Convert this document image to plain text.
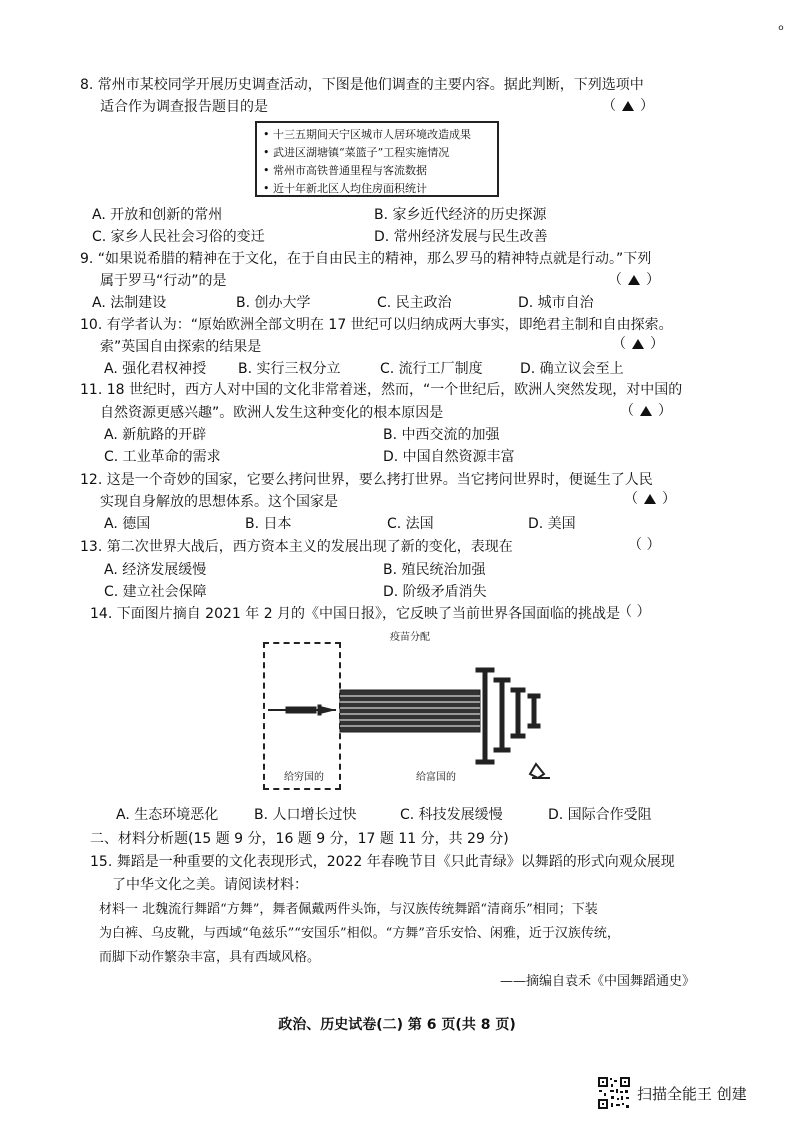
ₒ
8. 常州市某校同学开展历史调查活动，下图是他们调查的主要内容。据此判断，下列选项中
适合作为调查报告题目的是	（ ）
• 十三五期间天宁区城市人居环境改造成果
• 武进区湖塘镇“菜篮子”工程实施情况
• 常州市高铁普通里程与客流数据
• 近十年新北区人均住房面积统计
A. 开放和创新的常州	B. 家乡近代经济的历史探源
C. 家乡人民社会习俗的变迁	D. 常州经济发展与民生改善
9. “如果说希腊的精神在于文化，在于自由民主的精神，那么罗马的精神特点就是行动。”下列
属于罗马“行动”的是	（ ）
A. 法制建设	B. 创办大学	C. 民主政治	D. 城市自治
10. 有学者认为：“原始欧洲全部文明在 17 世纪可以归纳成两大事实，即绝君主制和自由探索。
索”英国自由探索的结果是	（ ）
A. 强化君权神授 B. 实行三权分立	C. 流行工厂制度	D. 确立议会至上
11. 18 世纪时，西方人对中国的文化非常着迷，然而，“一个世纪后，欧洲人突然发现，对中国的
自然资源更感兴趣”。欧洲人发生这种变化的根本原因是	（ ）
A. 新航路的开辟	B. 中西交流的加强
C. 工业革命的需求	D. 中国自然资源丰富
12. 这是一个奇妙的国家，它要么拷问世界，要么拷打世界。当它拷问世界时，便诞生了人民
实现自身解放的思想体系。这个国家是	（ ）
A. 德国	B. 日本	C. 法国	D. 美国
13. 第二次世界大战后，西方资本主义的发展出现了新的变化，表现在	（ ）
A. 经济发展缓慢	B. 殖民统治加强
C. 建立社会保障	D. 阶级矛盾消失
14. 下面图片摘自 2021 年 2 月的《中国日报》，它反映了当前世界各国面临的挑战是
（ ）
疫苗分配
给穷国的	给富国的
A. 生态环境恶化	B. 人口增长过快	C. 科技发展缓慢	D. 国际合作受阻
二、材料分析题(15 题 9 分，16 题 9 分，17 题 11 分，共 29 分)
15. 舞蹈是一种重要的文化表现形式，2022 年春晚节目《只此青绿》以舞蹈的形式向观众展现
了中华文化之美。请阅读材料：
材料一 北魏流行舞蹈“方舞”，舞者佩戴两件头饰，与汉族传统舞蹈“清商乐”相同；下装
为白裤、乌皮靴，与西域“龟兹乐”“安国乐”相似。“方舞”音乐安恰、闲雅，近于汉族传统，
而脚下动作繁杂丰富，具有西域风格。
——摘编自袁禾《中国舞蹈通史》
政治、历史试卷(二) 第 6 页(共 8 页)
扫描全能王 创建
